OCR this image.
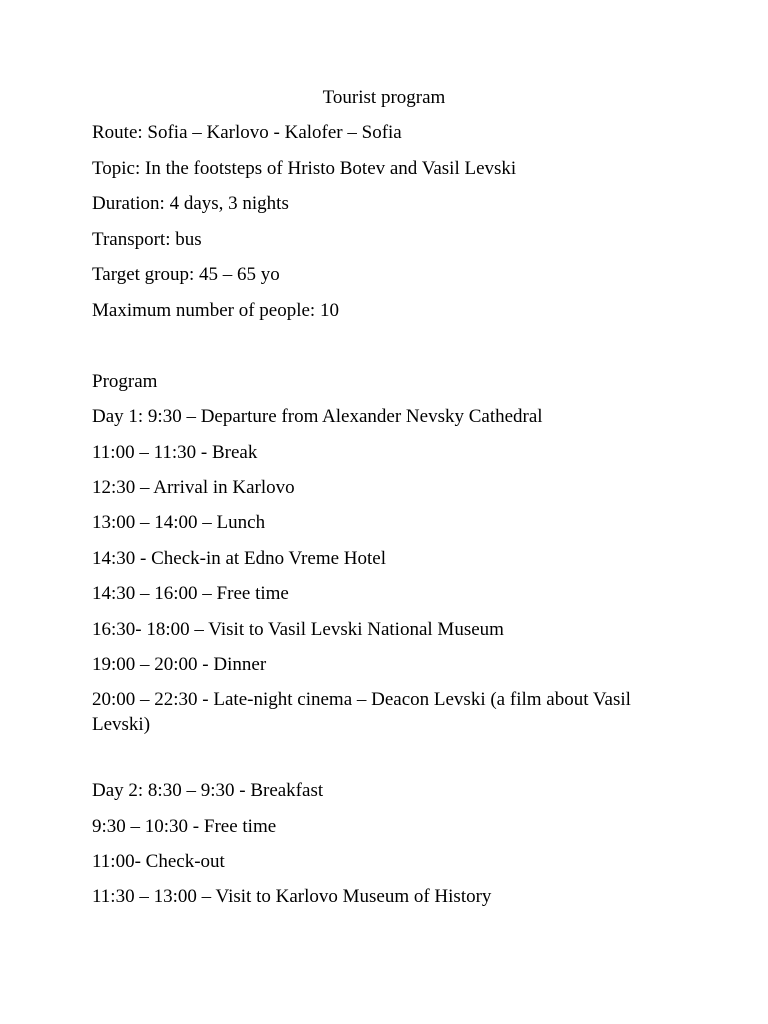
Tourist program
Route: Sofia – Karlovo - Kalofer – Sofia
Topic: In the footsteps of Hristo Botev and Vasil Levski
Duration: 4 days, 3 nights
Transport: bus
Target group: 45 – 65 yo
Maximum number of people: 10
Program
Day 1: 9:30 – Departure from Alexander Nevsky Cathedral
11:00 – 11:30 - Break
12:30 – Arrival in Karlovo
13:00 – 14:00 – Lunch
14:30 - Check-in at Edno Vreme Hotel
14:30 – 16:00 – Free time
16:30- 18:00 – Visit to Vasil Levski National Museum
19:00 – 20:00 - Dinner
20:00 – 22:30 - Late-night cinema – Deacon Levski (a film about Vasil Levski)
Day 2: 8:30 – 9:30 - Breakfast
9:30 – 10:30 - Free time
11:00- Check-out
11:30 – 13:00 – Visit to Karlovo Museum of History
